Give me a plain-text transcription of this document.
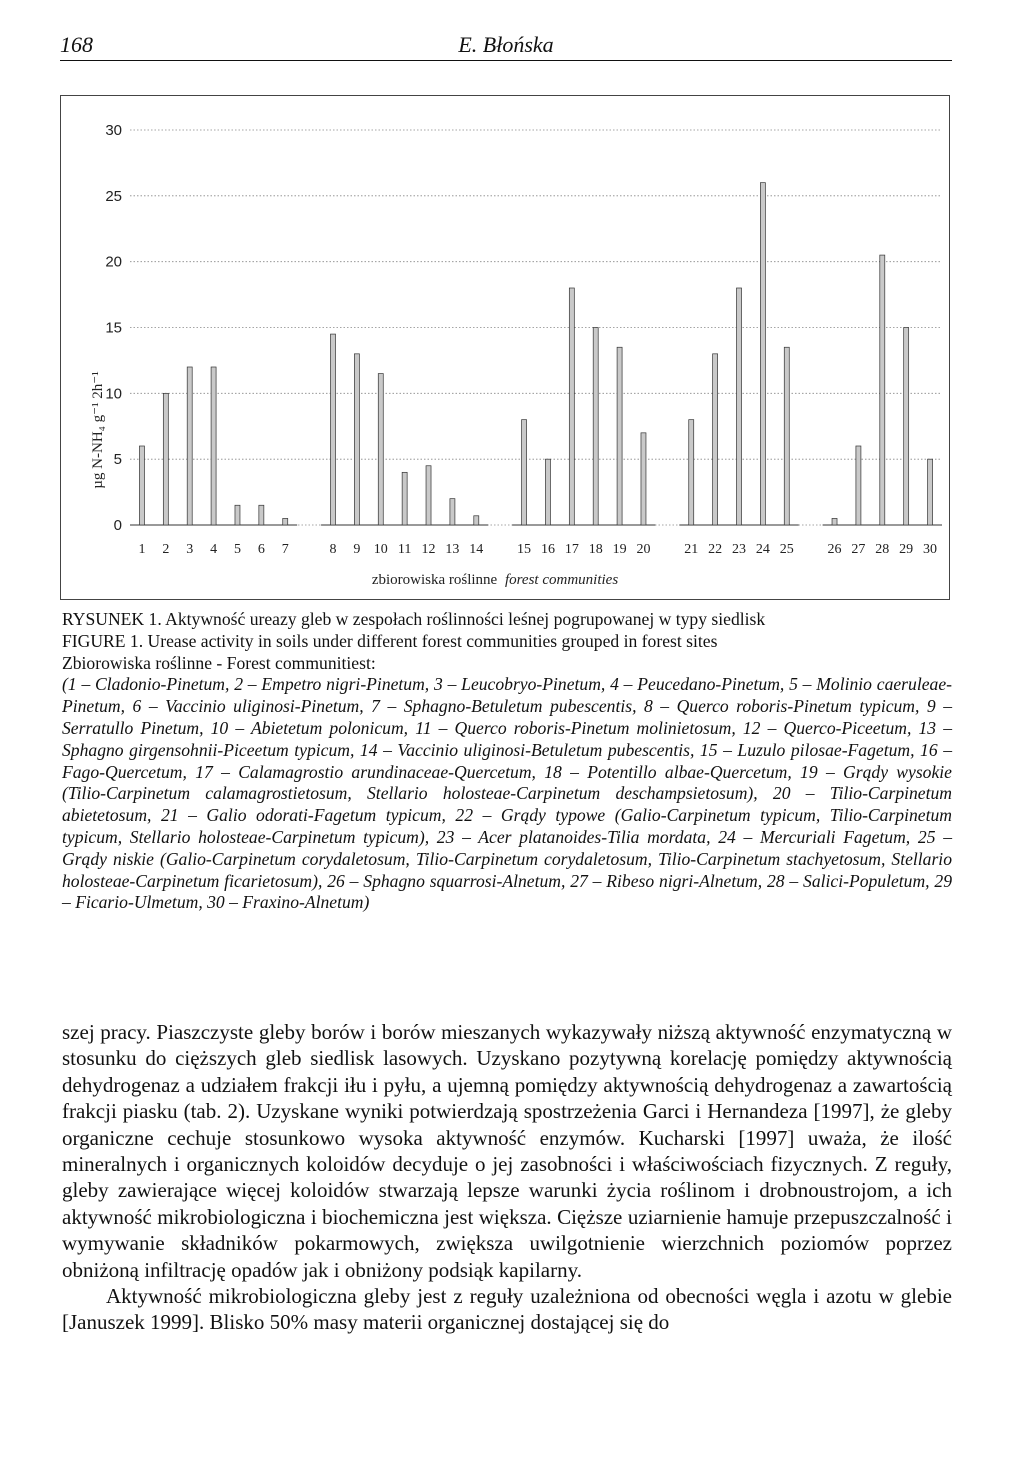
168	E. Błońska
0
5
10
15
20
25
30
1 2 3 4 5 6 7	8 9 10 11 12 13 14 15 16 17 18 19 20 21 22 23 24 25 26 27 28 29 30
µg N-NH₄ g⁻¹ 2h⁻¹
zbiorowiska roślinne forest communities

RYSUNEK 1. Aktywność ureazy gleb w zespołach roślinności leśnej pogrupowanej w typy siedlisk

FIGURE 1. Urease activity in soils under different forest communities grouped in forest sites

Zbiorowiska roślinne - Forest communitiest:

(1 – Cladonio-Pinetum, 2 – Empetro nigri-Pinetum, 3 – Leucobryo-Pinetum, 4 – Peucedano-Pinetum, 5 – Molinio caeruleae-Pinetum, 6 – Vaccinio uliginosi-Pinetum, 7 – Sphagno-Betuletum pubescentis, 8 – Querco roboris-Pinetum typicum, 9 – Serratullo Pinetum, 10 – Abietetum polonicum, 11 – Querco roboris-Pinetum molinietosum, 12 – Querco-Piceetum, 13 – Sphagno girgensohnii-Piceetum typicum, 14 – Vaccinio uliginosi-Betuletum pubescentis, 15 – Luzulo pilosae-Fagetum, 16 – Fago-Quercetum, 17 – Calamagrostio arundinaceae-Quercetum, 18 – Potentillo albae-Quercetum, 19 – Grądy wysokie (Tilio-Carpinetum calamagrostietosum, Stellario holosteae-Carpinetum deschampsietosum), 20 – Tilio-Carpinetum abietetosum, 21 – Galio odorati-Fagetum typicum, 22 – Grądy typowe (Galio-Carpinetum typicum, Tilio-Carpinetum typicum, Stellario holosteae-Carpinetum typicum), 23 – Acer platanoides-Tilia mordata, 24 – Mercuriali Fagetum, 25 – Grądy niskie (Galio-Carpinetum corydaletosum, Tilio-Carpinetum corydaletosum, Tilio-Carpinetum stachyetosum, Stellario holosteae-Carpinetum ficarietosum), 26 – Sphagno squarrosi-Alnetum, 27 – Ribeso nigri-Alnetum, 28 – Salici-Populetum, 29 – Ficario-Ulmetum, 30 – Fraxino-Alnetum)

szej pracy. Piaszczyste gleby borów i borów mieszanych wykazywały niższą aktywność enzymatyczną w stosunku do cięższych gleb siedlisk lasowych. Uzyskano pozytywną korelację pomiędzy aktywnością dehydrogenaz a udziałem frakcji iłu i pyłu, a ujemną pomiędzy aktywnością dehydrogenaz a zawartością frakcji piasku (tab. 2). Uzyskane wyniki potwierdzają spostrzeżenia Garci i Hernandeza [1997], że gleby organiczne cechuje stosunkowo wysoka aktywność enzymów. Kucharski [1997] uważa, że ilość mineralnych i organicznych koloidów decyduje o jej zasobności i właściwościach fizycznych. Z reguły, gleby zawierające więcej koloidów stwarzają lepsze warunki życia roślinom i drobnoustrojom, a ich aktywność mikrobiologiczna i biochemiczna jest większa. Cięższe uziarnienie hamuje przepuszczalność i wymywanie składników pokarmowych, zwiększa uwilgotnienie wierzchnich poziomów poprzez obniżoną infiltrację opadów jak i obniżony podsiąk kapilarny.

Aktywność mikrobiologiczna gleby jest z reguły uzależniona od obecności węgla i azotu w glebie [Januszek 1999]. Blisko 50% masy materii organicznej dostającej się do
